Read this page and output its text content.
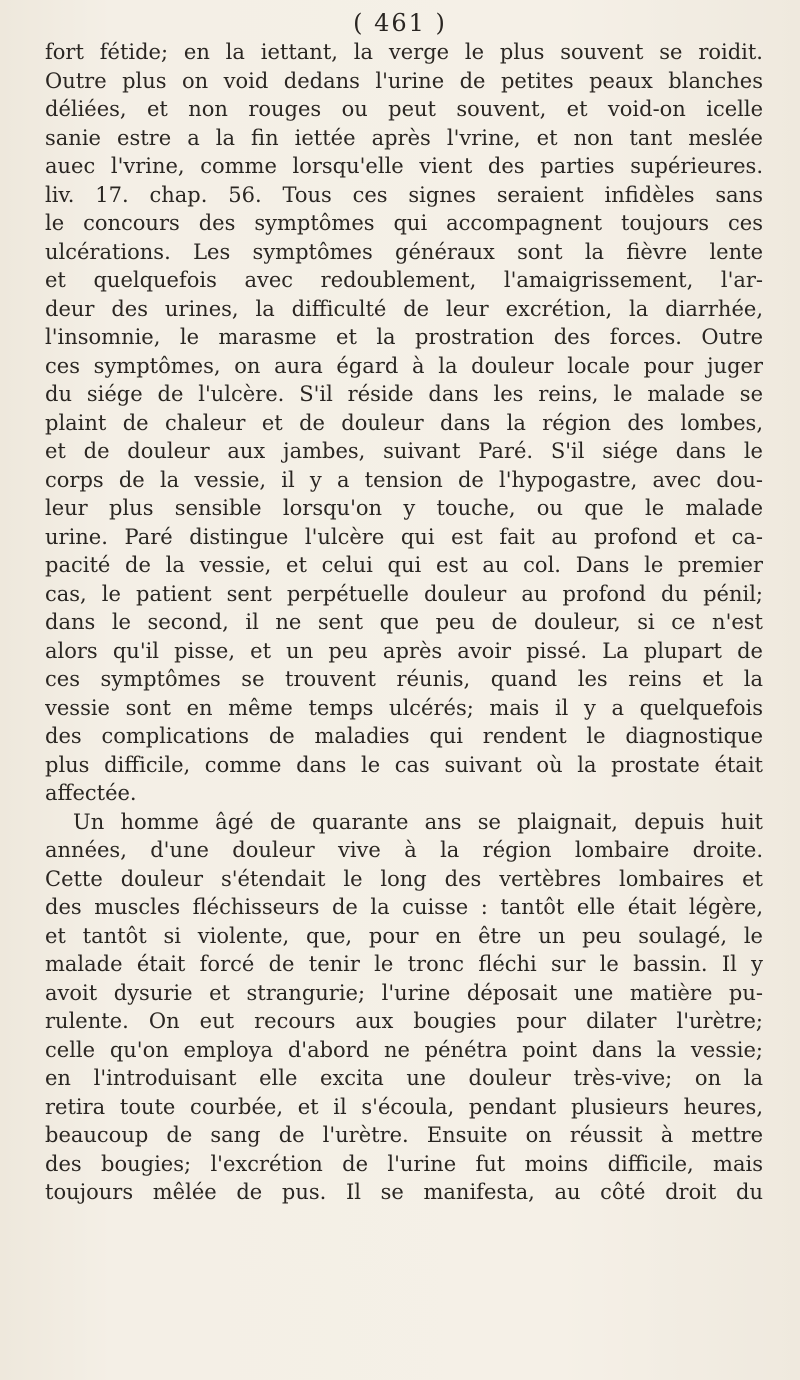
( 461 )

fort fétide; en la iettant, la verge le plus souvent se roidit.
Outre plus on void dedans l'urine de petites peaux blanches
déliées, et non rouges ou peut souvent, et void-on icelle
sanie estre a la fin iettée après l'vrine, et non tant meslée
auec l'vrine, comme lorsqu'elle vient des parties supérieures.
liv. 17. chap. 56. Tous ces signes seraient infidèles sans
le concours des symptômes qui accompagnent toujours ces
ulcérations. Les symptômes généraux sont la fièvre lente
et quelquefois avec redoublement, l'amaigrissement, l'ar-
deur des urines, la difficulté de leur excrétion, la diarrhée,
l'insomnie, le marasme et la prostration des forces. Outre
ces symptômes, on aura égard à la douleur locale pour juger
du siége de l'ulcère. S'il réside dans les reins, le malade se
plaint de chaleur et de douleur dans la région des lombes,
et de douleur aux jambes, suivant Paré. S'il siége dans le
corps de la vessie, il y a tension de l'hypogastre, avec dou-
leur plus sensible lorsqu'on y touche, ou que le malade
urine. Paré distingue l'ulcère qui est fait au profond et ca-
pacité de la vessie, et celui qui est au col. Dans le premier
cas, le patient sent perpétuelle douleur au profond du pénil;
dans le second, il ne sent que peu de douleur, si ce n'est
alors qu'il pisse, et un peu après avoir pissé. La plupart de
ces symptômes se trouvent réunis, quand les reins et la
vessie sont en même temps ulcérés; mais il y a quelquefois
des complications de maladies qui rendent le diagnostique
plus difficile, comme dans le cas suivant où la prostate était
affectée.

Un homme âgé de quarante ans se plaignait, depuis huit
années, d'une douleur vive à la région lombaire droite.
Cette douleur s'étendait le long des vertèbres lombaires et
des muscles fléchisseurs de la cuisse : tantôt elle était légère,
et tantôt si violente, que, pour en être un peu soulagé, le
malade était forcé de tenir le tronc fléchi sur le bassin. Il y
avoit dysurie et strangurie; l'urine déposait une matière pu-
rulente. On eut recours aux bougies pour dilater l'urètre;
celle qu'on employa d'abord ne pénétra point dans la vessie;
en l'introduisant elle excita une douleur très-vive; on la
retira toute courbée, et il s'écoula, pendant plusieurs heures,
beaucoup de sang de l'urètre. Ensuite on réussit à mettre
des bougies; l'excrétion de l'urine fut moins difficile, mais
toujours mêlée de pus. Il se manifesta, au côté droit du
